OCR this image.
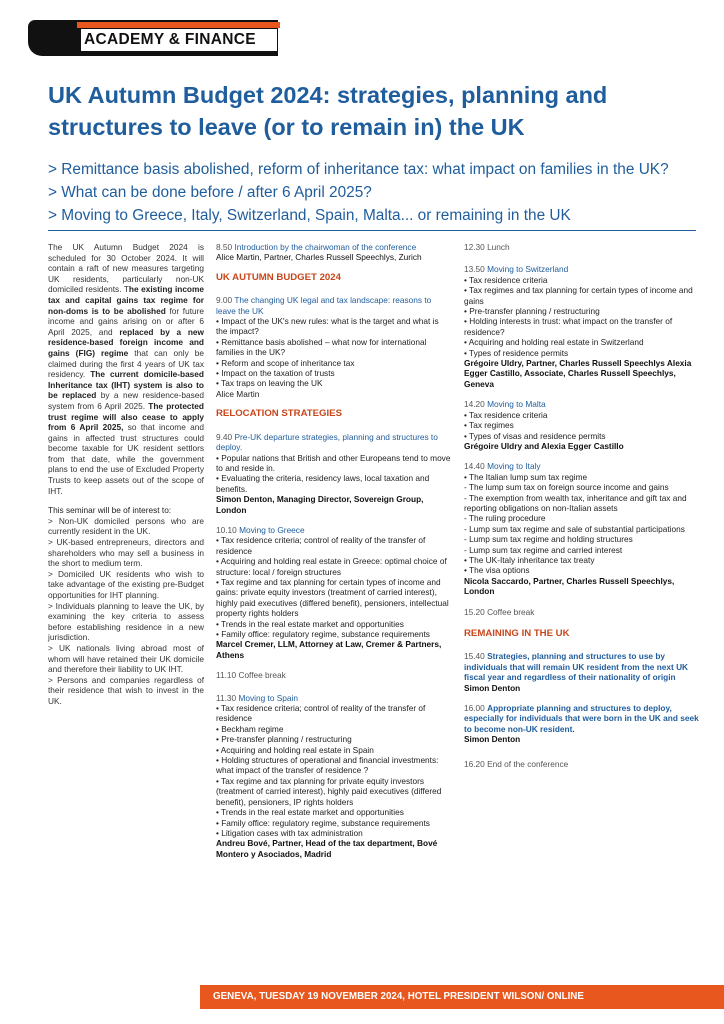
ACADEMY & FINANCE
UK Autumn Budget 2024: strategies, planning and structures to leave (or to remain in) the UK
> Remittance basis abolished, reform of inheritance tax: what impact on families in the UK?
> What can be done before / after 6 April 2025?
> Moving to Greece, Italy, Switzerland, Spain, Malta... or remaining in the UK

The UK Autumn Budget 2024 is scheduled for 30 October 2024. It will contain a raft of new measures targeting UK residents, particularly non-UK domiciled residents. The existing income tax and capital gains tax regime for non-doms is to be abolished for future income and gains arising on or after 6 April 2025, and replaced by a new residence-based foreign income and gains (FIG) regime that can only be claimed during the first 4 years of UK tax residency. The current domicile-based Inheritance tax (IHT) system is also to be replaced by a new residence-based system from 6 April 2025. The protected trust regime will also cease to apply from 6 April 2025, so that income and gains in affected trust structures could become taxable for UK resident settlors from that date, while the government plans to end the use of Excluded Property Trusts to keep assets out of the scope of IHT.

This seminar will be of interest to:
> Non-UK domiciled persons who are currently resident in the UK.
> UK-based entrepreneurs, directors and shareholders who may sell a business in the short to medium term.
> Domiciled UK residents who wish to take advantage of the existing pre-Budget opportunities for IHT planning.
> Individuals planning to leave the UK, by examining the key criteria to assess before establishing residence in a new jurisdiction.
> UK nationals living abroad most of whom will have retained their UK domicile and therefore their liability to UK IHT.
> Persons and companies regardless of their residence that wish to invest in the UK.

8.50 Introduction by the chairwoman of the conference
Alice Martin, Partner, Charles Russell Speechlys, Zurich
UK AUTUMN BUDGET 2024
9.00 The changing UK legal and tax landscape: reasons to leave the UK
• Impact of the UK's new rules: what is the target and what is the impact?
• Remittance basis abolished – what now for international families in the UK?
• Reform and scope of inheritance tax
• Impact on the taxation of trusts
• Tax traps on leaving the UK
Alice Martin
RELOCATION STRATEGIES
9.40 Pre-UK departure strategies, planning and structures to deploy.
• Popular nations that British and other Europeans tend to move to and reside in.
• Evaluating the criteria, residency laws, local taxation and benefits.
Simon Denton, Managing Director, Sovereign Group, London
10.10 Moving to Greece
• Tax residence criteria; control of reality of the transfer of residence
• Acquiring and holding real estate in Greece: optimal choice of structure: local / foreign structures
• Tax regime and tax planning for certain types of income and gains: private equity investors (treatment of carried interest), highly paid executives (differed benefit), pensioners, intellectual property rights holders
• Trends in the real estate market and opportunities
• Family office: regulatory regime, substance requirements
Marcel Cremer, LLM, Attorney at Law, Cremer & Partners, Athens
11.10 Coffee break
11.30 Moving to Spain
• Tax residence criteria; control of reality of the transfer of residence
• Beckham regime
• Pre-transfer planning / restructuring
• Acquiring and holding real estate in Spain
• Holding structures of operational and financial investments: what impact of the transfer of residence ?
• Tax regime and tax planning for private equity investors (treatment of carried interest), highly paid executives (differed benefit), pensioners, IP rights holders
• Trends in the real estate market and opportunities
• Family office: regulatory regime, substance requirements
• Litigation cases with tax administration
Andreu Bové, Partner, Head of the tax department, Bové Montero y Asociados, Madrid
12.30 Lunch
13.50 Moving to Switzerland
• Tax residence criteria
• Tax regimes and tax planning for certain types of income and gains
• Pre-transfer planning / restructuring
• Holding interests in trust: what impact on the transfer of residence?
• Acquiring and holding real estate in Switzerland
• Types of residence permits
Grégoire Uldry, Partner, Charles Russell Speechlys Alexia Egger Castillo, Associate, Charles Russell Speechlys, Geneva
14.20 Moving to Malta
• Tax residence criteria
• Tax regimes
• Types of visas and residence permits
Grégoire Uldry and Alexia Egger Castillo
14.40 Moving to Italy
• The Italian lump sum tax regime
- The lump sum tax on foreign source income and gains
- The exemption from wealth tax, inheritance and gift tax and reporting obligations on non-Italian assets
- The ruling procedure
- Lump sum tax regime and sale of substantial participations
- Lump sum tax regime and holding structures
- Lump sum tax regime and carried interest
• The UK-Italy inheritance tax treaty
• The visa options
Nicola Saccardo, Partner, Charles Russell Speechlys, London
15.20 Coffee break
REMAINING IN THE UK
15.40 Strategies, planning and structures to use by individuals that will remain UK resident from the next UK fiscal year and regardless of their nationality of origin
Simon Denton
16.00 Appropriate planning and structures to deploy, especially for individuals that were born in the UK and seek to become non-UK resident.
Simon Denton
16.20 End of the conference
GENEVA, TUESDAY 19 NOVEMBER 2024, HOTEL PRESIDENT WILSON/ ONLINE
